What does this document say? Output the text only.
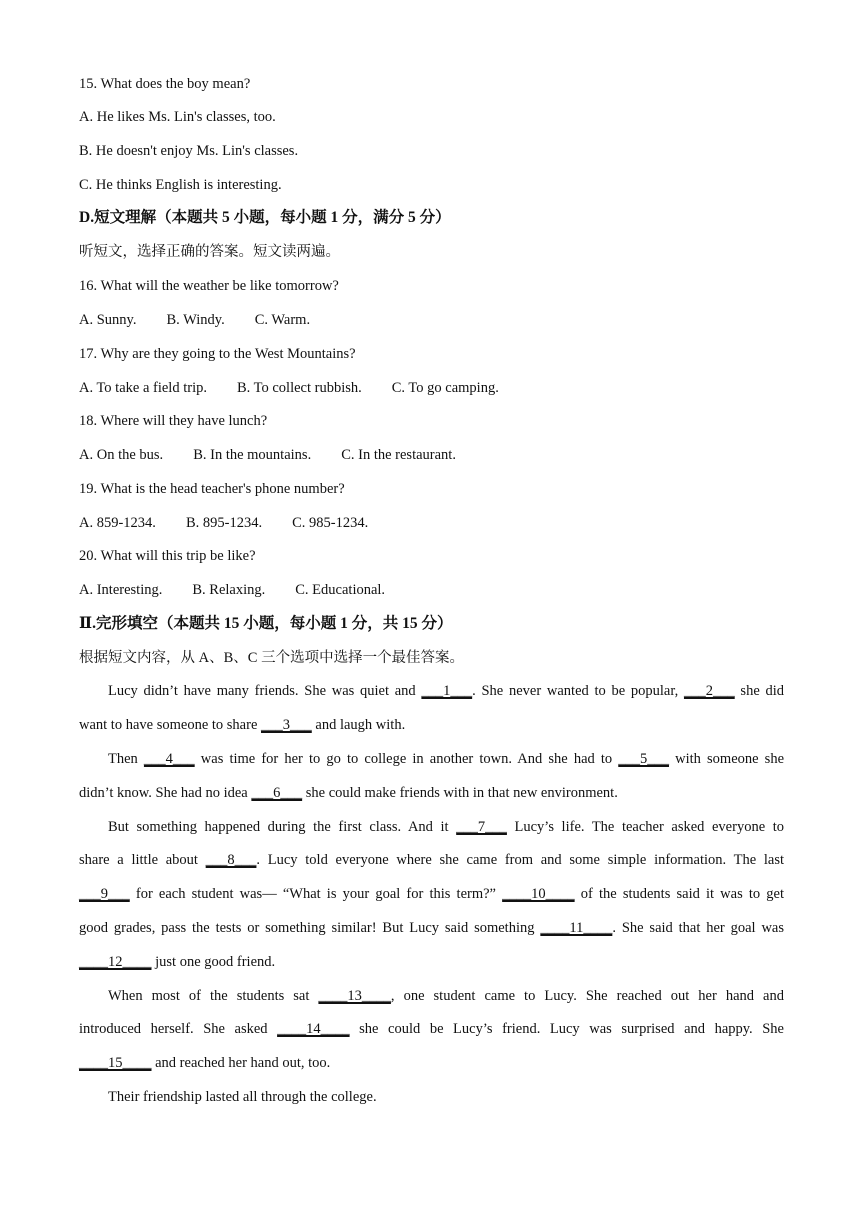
15. What does the boy mean?
A. He likes Ms. Lin's classes, too.
B. He doesn't enjoy Ms. Lin's classes.
C. He thinks English is interesting.
D.短文理解（本题共 5 小题，每小题 1 分，满分 5 分）
听短文，选择正确的答案。短文读两遍。
16. What will the weather be like tomorrow?
A. Sunny. B. Windy. C. Warm.
17. Why are they going to the West Mountains?
A. To take a field trip. B. To collect rubbish. C. To go camping.
18. Where will they have lunch?
A. On the bus. B. In the mountains. C. In the restaurant.
19. What is the head teacher's phone number?
A. 859-1234. B. 895-1234. C. 985-1234.
20. What will this trip be like?
A. Interesting. B. Relaxing. C. Educational.
Ⅱ.完形填空（本题共 15 小题，每小题 1 分，共 15 分）
根据短文内容，从 A、B、C 三个选项中选择一个最佳答案。
Lucy didn’t have many friends. She was quiet and ___1___. She never wanted to be popular, ___2___ she did
want to have someone to share ___3___ and laugh with.
Then ___4___ was time for her to go to college in another town. And she had to ___5___ with someone she
didn’t know. She had no idea ___6___ she could make friends with in that new environment.
But something happened during the first class. And it ___7___ Lucy’s life. The teacher asked everyone to
share a little about ___8___. Lucy told everyone where she came from and some simple information. The last
___9___ for each student was— “What is your goal for this term?” ____10____ of the students said it was to get
good grades, pass the tests or something similar! But Lucy said something ____11____. She said that her goal was
____12____ just one good friend.
When most of the students sat ____13____, one student came to Lucy. She reached out her hand and
introduced herself. She asked ____14____ she could be Lucy’s friend. Lucy was surprised and happy. She
____15____ and reached her hand out, too.
Their friendship lasted all through the college.
